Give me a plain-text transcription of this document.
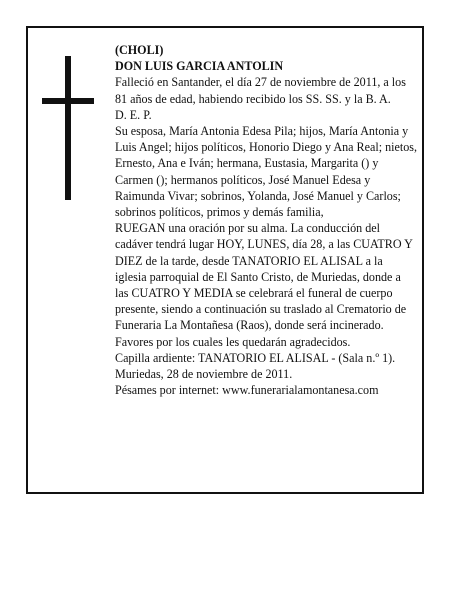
(CHOLI)

DON LUIS GARCIA ANTOLIN

Falleció en Santander, el día 27 de noviembre de 2011, a los 81 años de edad, habiendo recibido los SS. SS. y la B. A.

D. E. P.

Su esposa, María Antonia Edesa Pila; hijos, María Antonia y Luis Angel; hijos políticos, Honorio Diego y Ana Real; nietos, Ernesto, Ana e Iván; hermana, Eustasia, Margarita () y Carmen (); hermanos políticos, José Manuel Edesa y Raimunda Vivar; sobrinos, Yolanda, José Manuel y Carlos; sobrinos políticos, primos y demás familia,

RUEGAN una oración por su alma. La conducción del cadáver tendrá lugar HOY, LUNES, día 28, a las CUATRO Y DIEZ de la tarde, desde TANATORIO EL ALISAL a la iglesia parroquial de El Santo Cristo, de Muriedas, donde a las CUATRO Y MEDIA se celebrará el funeral de cuerpo presente, siendo a continuación su traslado al Crematorio de Funeraria La Montañesa (Raos), donde será incinerado. Favores por los cuales les quedarán agradecidos.

Capilla ardiente: TANATORIO EL ALISAL - (Sala n.º 1).

Muriedas, 28 de noviembre de 2011.

Pésames por internet: www.funerarialamontanesa.com
